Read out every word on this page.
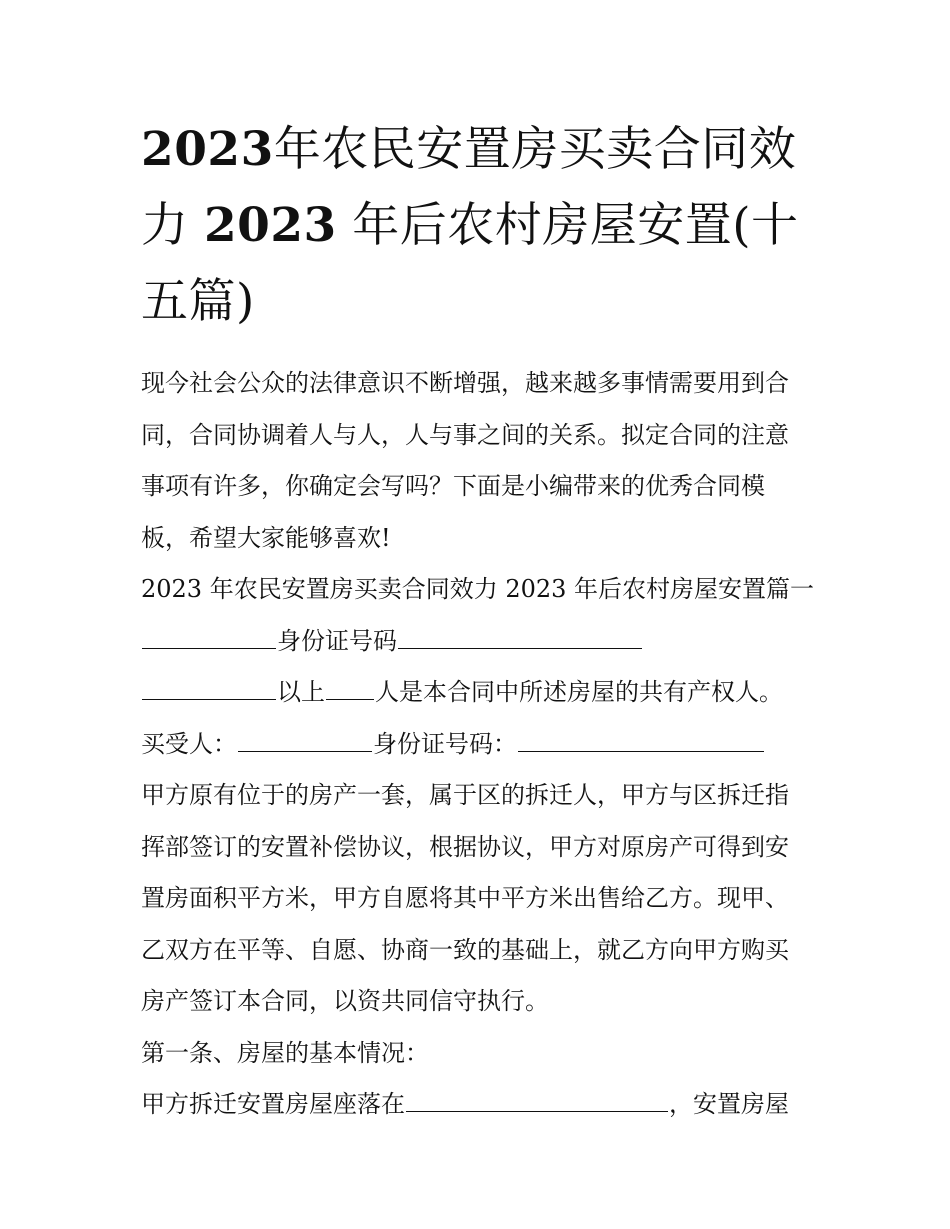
2023年农民安置房买卖合同效
力 2023 年后农村房屋安置(十
五篇)
现今社会公众的法律意识不断增强，越来越多事情需要用到合
同，合同协调着人与人，人与事之间的关系。拟定合同的注意
事项有许多，你确定会写吗？下面是小编带来的优秀合同模
板，希望大家能够喜欢!
2023 年农民安置房买卖合同效力 2023 年后农村房屋安置篇一
身份证号码
以上 人是本合同中所述房屋的共有产权人。
买受人：	身份证号码：
甲方原有位于的房产一套，属于区的拆迁人，甲方与区拆迁指
挥部签订的安置补偿协议，根据协议，甲方对原房产可得到安
置房面积平方米，甲方自愿将其中平方米出售给乙方。现甲、
乙双方在平等、自愿、协商一致的基础上，就乙方向甲方购买
房产签订本合同，以资共同信守执行。
第一条、房屋的基本情况：
甲方拆迁安置房屋座落在	，安置房屋
